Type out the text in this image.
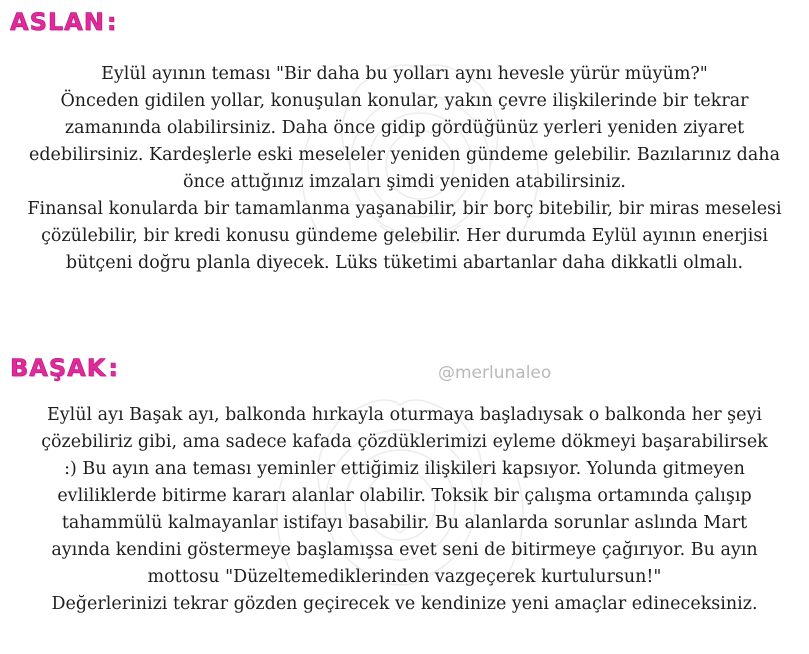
ASLAN:

Eylül ayının teması "Bir daha bu yolları aynı hevesle yürür müyüm?"

Önceden gidilen yollar, konuşulan konular, yakın çevre ilişkilerinde bir tekrar

zamanında olabilirsiniz. Daha önce gidip gördüğünüz yerleri yeniden ziyaret

edebilirsiniz. Kardeşlerle eski meseleler yeniden gündeme gelebilir. Bazılarınız daha

önce attığınız imzaları şimdi yeniden atabilirsiniz.

Finansal konularda bir tamamlanma yaşanabilir, bir borç bitebilir, bir miras meselesi

çözülebilir, bir kredi konusu gündeme gelebilir. Her durumda Eylül ayının enerjisi

bütçeni doğru planla diyecek. Lüks tüketimi abartanlar daha dikkatli olmalı.

BAŞAK:	@merlunaleo

Eylül ayı Başak ayı, balkonda hırkayla oturmaya başladıysak o balkonda her şeyi

çözebiliriz gibi, ama sadece kafada çözdüklerimizi eyleme dökmeyi başarabilirsek

:) Bu ayın ana teması yeminler ettiğimiz ilişkileri kapsıyor. Yolunda gitmeyen

evliliklerde bitirme kararı alanlar olabilir. Toksik bir çalışma ortamında çalışıp

tahammülü kalmayanlar istifayı basabilir. Bu alanlarda sorunlar aslında Mart

ayında kendini göstermeye başlamışsa evet seni de bitirmeye çağırıyor. Bu ayın

mottosu "Düzeltemediklerinden vazgeçerek kurtulursun!"

Değerlerinizi tekrar gözden geçirecek ve kendinize yeni amaçlar edineceksiniz.
